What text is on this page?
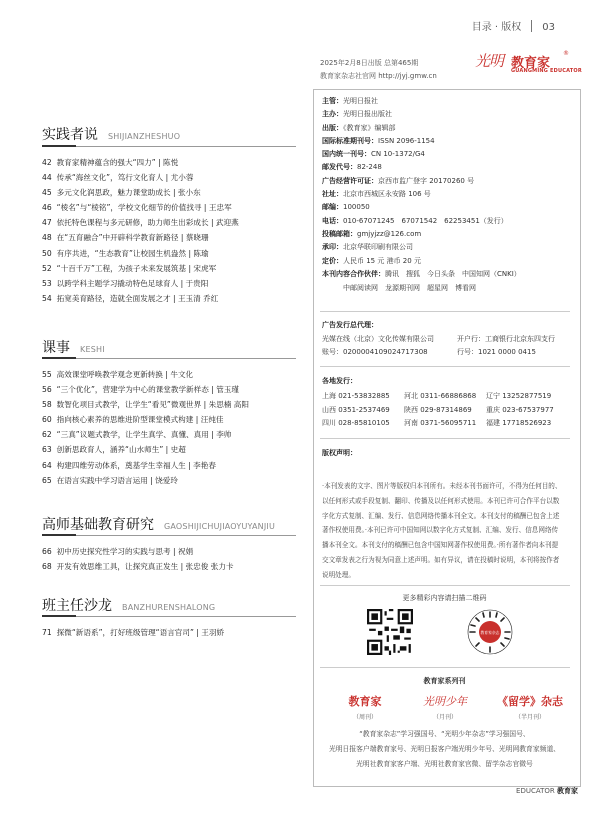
目录 · 版权 03
2025年2月8日出版 总第465期
教育家杂志社官网 http://jyj.gmw.cn
光明 教育家
®
GUANGMING EDUCATOR
实践者说 SHIJIANZHESHUO
42 教育家精神蕴含的强大“四力” | 陈悦
44 传承“海丝文化”，笃行文化育人 | 尤小蓉
45 多元文化润思政，魅力课堂助成长 | 张小东
46 “棱名”与“棱铭”，学校文化细节的价值找寻 | 王忠军
47 依托特色课程与多元研修，助力师生出彩成长 | 武迎燕
48 在“五育融合”中开辟科学教育新路径 | 蔡晓珊
50 有序共进，“生态教育”让校园生机盎然 | 陈瑜
52 “十百千万”工程，为孩子未来发展筑基 | 宋虎军
53 以跨学科主题学习撬动特色足球育人 | 于贵阳
54 拓宽美育路径，造就全面发展之才 | 王玉清 乔红
课事 KESHI
55 高效课堂呼唤教学观念更新转换 | 牛文化
56 “三个优化”，营建学为中心的课堂教学新样态 | 管玉瑾
58 数智化项目式教学，让学生“看见”微观世界 | 朱思楠 高阳
60 指向核心素养的思维进阶型课堂模式构建 | 汪纯佳
62 “三真”议题式教学，让学生真学、真懂、真用 | 李帅
63 创新思政育人，涵养“山水师生” | 史超
64 构建四维劳动体系，奠基学生幸福人生 | 李艳春
65 在语言实践中学习语言运用 | 饶爱玲
高师基础教育研究 GAOSHIJICHUJIAOYUYANJIU
66 初中历史探究性学习的实践与思考 | 祝娟
68 开发有效思维工具，让探究真正发生 | 张忠俊 张力卡
班主任沙龙 BANZHURENSHALONG
71 探微“新语系”，打好班级管理“语言官司” | 王羽娇
主管：光明日报社
主办：光明日报出版社
出版：《教育家》编辑部
国际标准期刊号：ISSN 2096-1154
国内统一刊号：CN 10-1372/G4
邮发代号：82-248
广告经营许可证：京西市监广登字 20170260 号
社址：北京市西城区永安路 106 号
邮编：100050
电话：010-67071245　67071542　62253451（发行）
投稿邮箱：gmjyjzz@126.com
承印：北京华联印刷有限公司
定价：人民币 15 元 港币 20 元
本刊内容合作伙伴：腾讯　搜狐　今日头条　中国知网（CNKI）
中邮阅读网　龙源期刊网　超星网　博看网
广告发行总代理：
光媒在线（北京）文化传媒有限公司	开户行：工商银行北京东四支行
账号：0200004109024717308	行号：1021 0000 0415
各地发行：
上海 021-53832885 河北 0311-66886868 辽宁 13252877519
山西 0351-2537469 陕西 029-87314869 重庆 023-67537977
四川 028-85810105 河南 0371-56095711 福建 17718526923
版权声明：
·本刊发表的文字、图片等版权归本刊所有。未经本刊书面许可，不得为任何目的、以任何形式或手段复制、翻印、传播及以任何形式使用。本刊已许可合作平台以数字化方式复制、汇编、发行、信息网络传播本刊全文。本刊支付的稿酬已包含上述著作权使用费。·本刊已许可中国知网以数字化方式复制、汇编、发行、信息网络传播本刊全文。本刊支付的稿酬已包含中国知网著作权使用费。·所有著作者向本刊提交文章发表之行为视为同意上述声明。如有异议，请在投稿时说明，本刊将按作者说明处理。
更多精彩内容请扫描二维码
教育家杂志
教育家系列刊
教育家	光明少年	《留学》杂志
（周刊）	（月刊）	（半月刊）
“教育家杂志”学习强国号、“光明少年杂志”学习强国号、
光明日报客户端教育家号、光明日报客户端光明少年号、光明网教育家频道、
光明社教育家客户端、光明社教育家官微、留学杂志官微号
EDUCATOR 教育家
